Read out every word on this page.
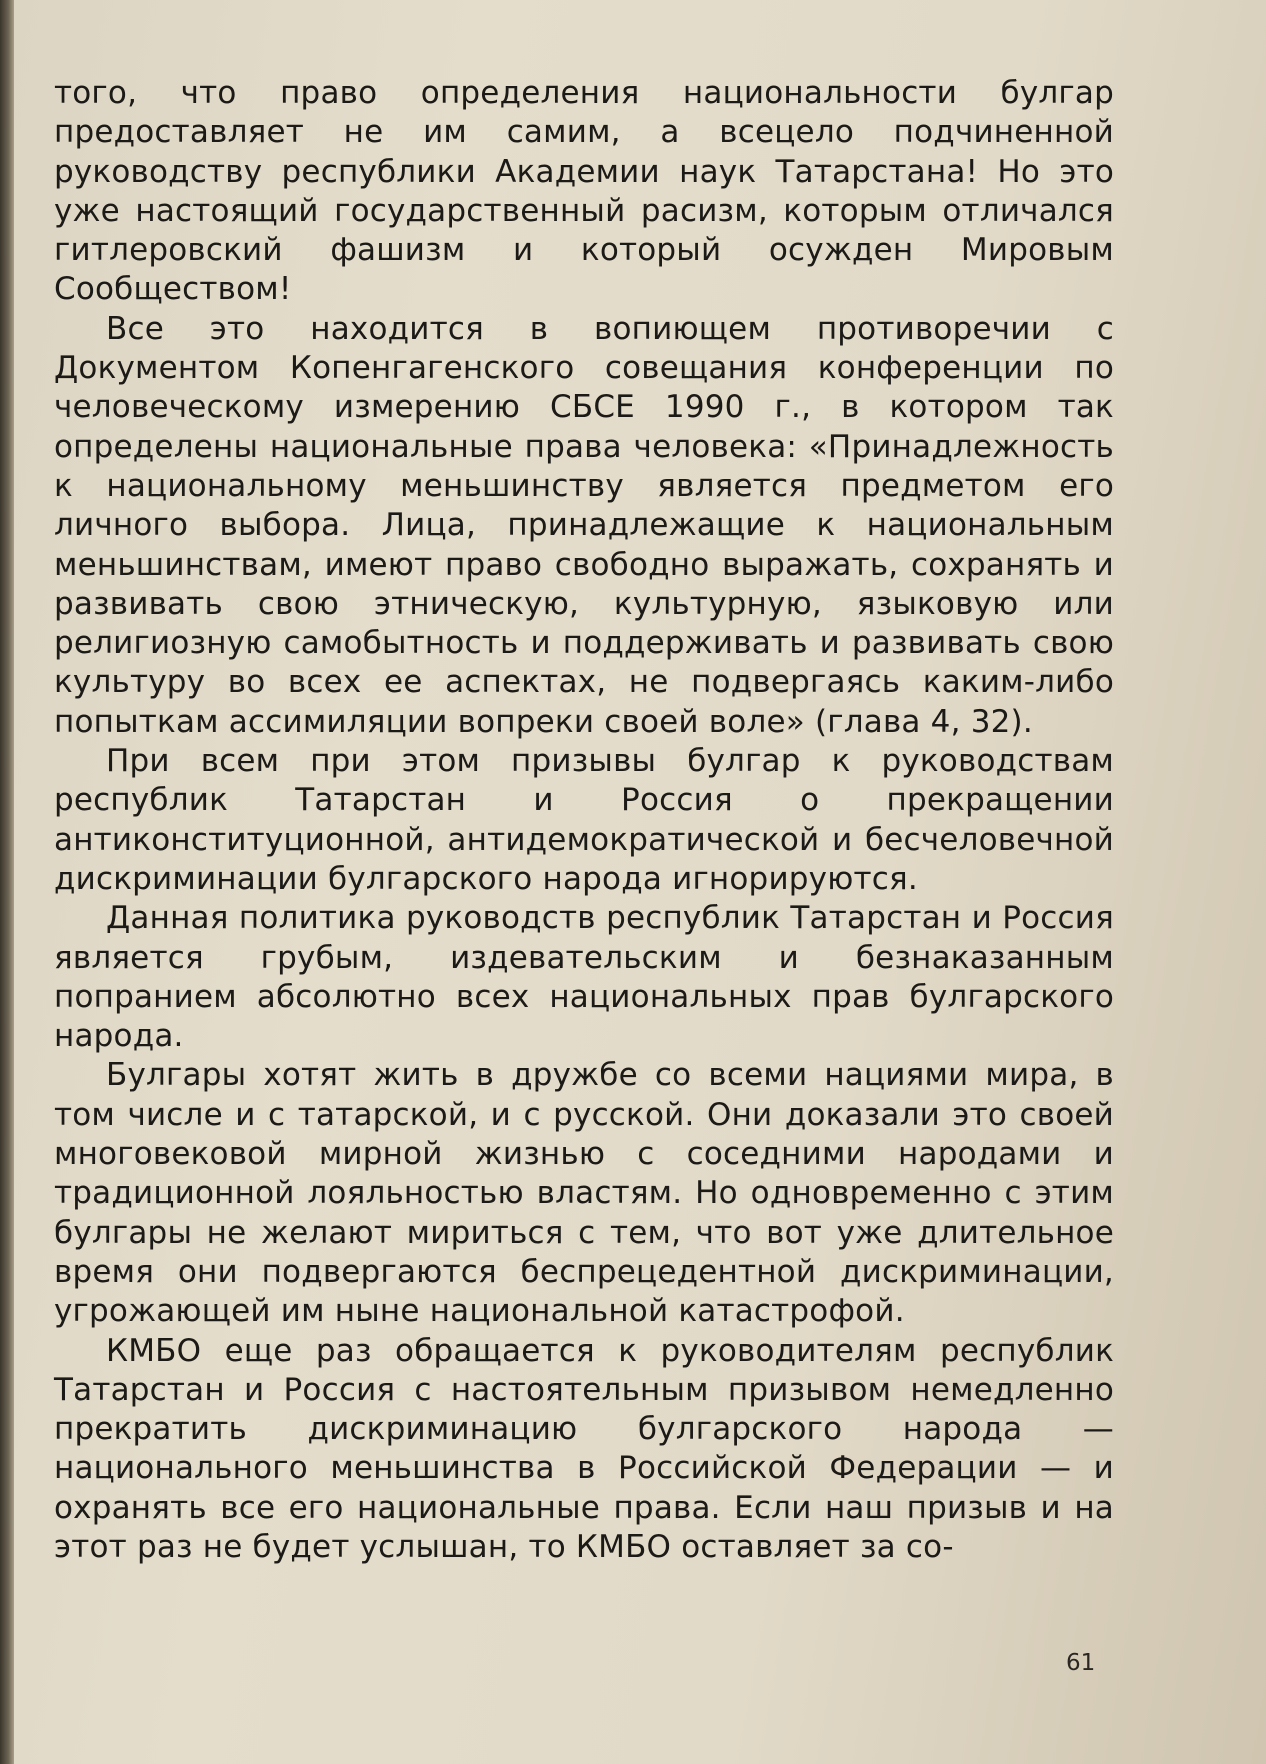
того, что право определения национальности булгар предоставляет не им самим, а всецело подчиненной руководству республики Академии наук Татарстана! Но это уже настоящий государственный расизм, которым отличался гитлеровский фашизм и который осужден Мировым Сообществом!

Все это находится в вопиющем противоречии с Документом Копенгагенского совещания конференции по человеческому измерению СБСЕ 1990 г., в котором так определены национальные права человека: «Принадлежность к национальному меньшинству является предметом его личного выбора. Лица, принадлежащие к национальным меньшинствам, имеют право свободно выражать, сохранять и развивать свою этническую, культурную, языковую или религиозную самобытность и поддерживать и развивать свою культуру во всех ее аспектах, не подвергаясь каким-либо попыткам ассимиляции вопреки своей воле» (глава 4, 32).

При всем при этом призывы булгар к руководствам республик Татарстан и Россия о прекращении антиконституционной, антидемократической и бесчеловечной дискриминации булгарского народа игнорируются.

Данная политика руководств республик Татарстан и Россия является грубым, издевательским и безнаказанным попранием абсолютно всех национальных прав булгарского народа.

Булгары хотят жить в дружбе со всеми нациями мира, в том числе и с татарской, и с русской. Они доказали это своей многовековой мирной жизнью с соседними народами и традиционной лояльностью властям. Но одновременно с этим булгары не желают мириться с тем, что вот уже длительное время они подвергаются беспрецедентной дискриминации, угрожающей им ныне национальной катастрофой.

КМБО еще раз обращается к руководителям республик Татарстан и Россия с настоятельным призывом немедленно прекратить дискриминацию булгарского народа — национального меньшинства в Российской Федерации — и охранять все его национальные права. Если наш призыв и на этот раз не будет услышан, то КМБО оставляет за со-

61
